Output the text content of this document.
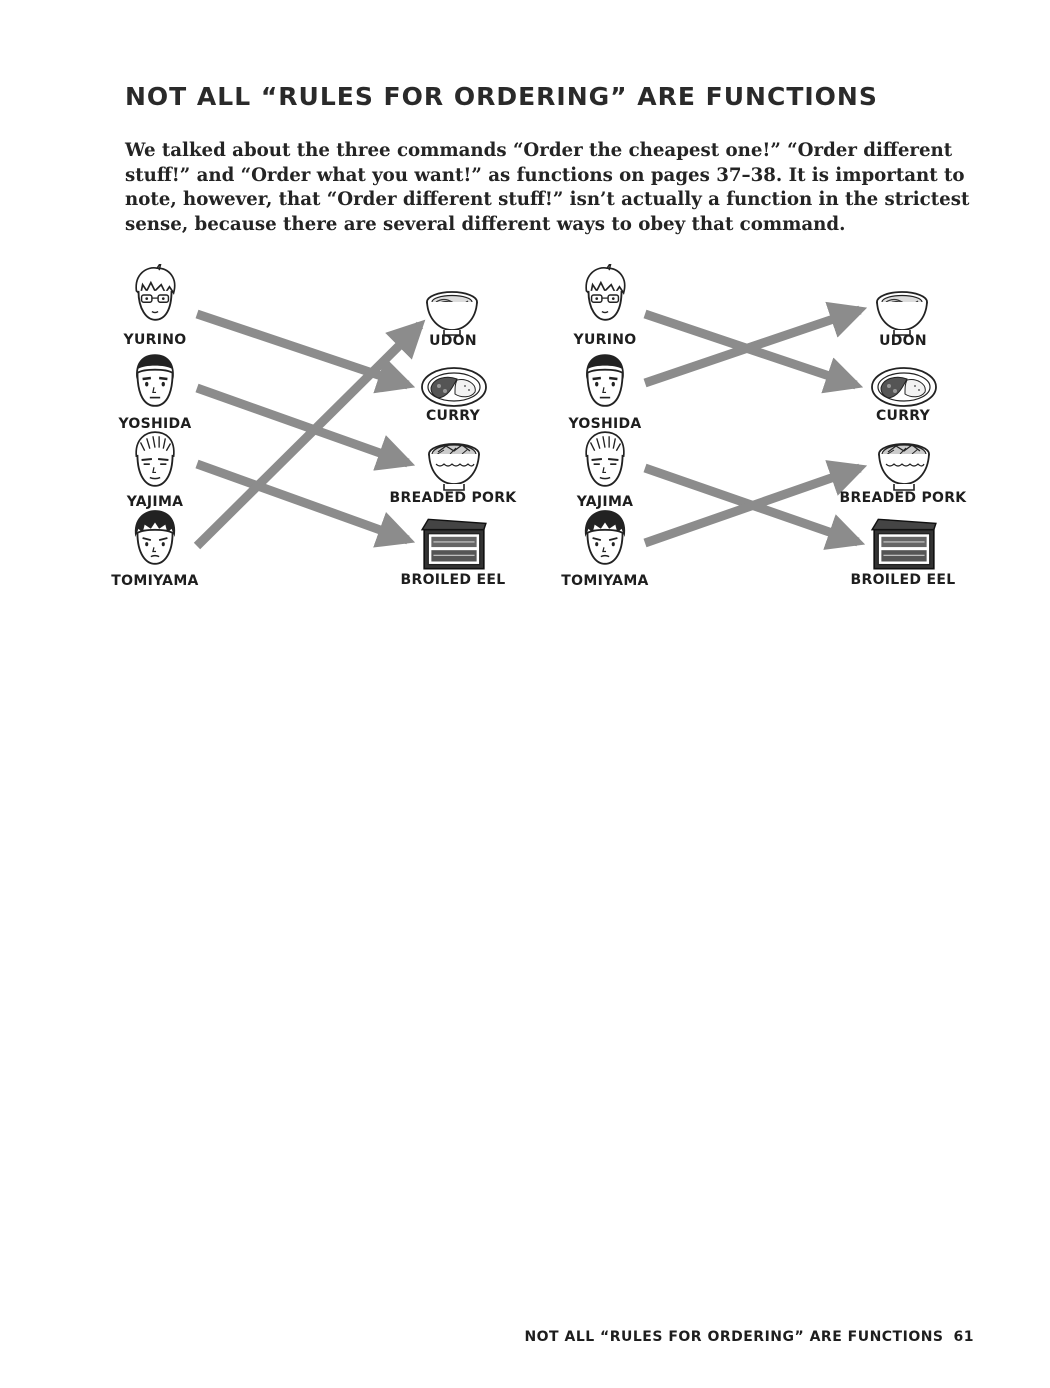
NOT ALL “RULES FOR ORDERING” ARE FUNCTIONS

We talked about the three commands “Order the cheapest one!” “Order different stuff!” and “Order what you want!” as functions on pages 37–38. It is important to note, however, that “Order different stuff!” isn’t actually a function in the strictest sense, because there are several different ways to obey that command.

YURINO
YOSHIDA
YAJIMA
TOMIYAMA
UDON
CURRY
BREADED PORK
BROILED EEL
YURINO
YOSHIDA
YAJIMA
TOMIYAMA
UDON
CURRY
BREADED PORK
BROILED EEL
NOT ALL “RULES FOR ORDERING” ARE FUNCTIONS 61
